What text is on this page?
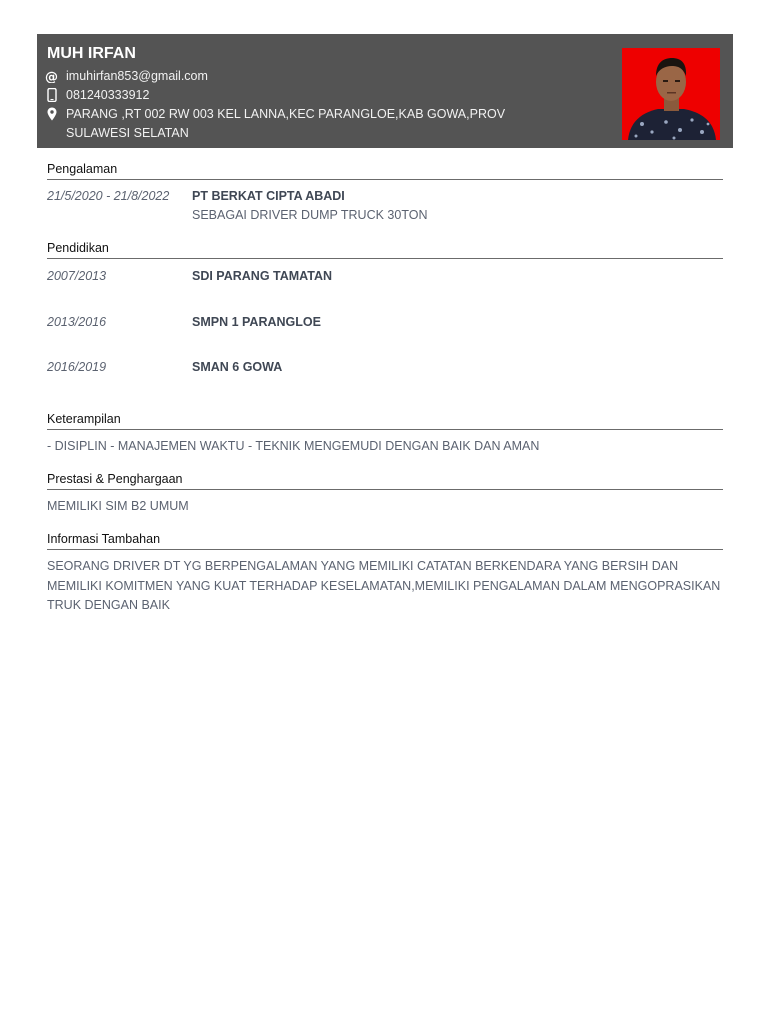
MUH IRFAN
@ imuhirfan853@gmail.com
081240333912
PARANG ,RT 002 RW 003 KEL LANNA,KEC PARANGLOE,KAB GOWA,PROV SULAWESI SELATAN
Pengalaman
21/5/2020 - 21/8/2022	PT BERKAT CIPTA ABADI
SEBAGAI DRIVER DUMP TRUCK 30TON
Pendidikan
2007/2013	SDI PARANG TAMATAN
2013/2016	SMPN 1 PARANGLOE
2016/2019	SMAN 6 GOWA
Keterampilan
- DISIPLIN - MANAJEMEN WAKTU - TEKNIK MENGEMUDI DENGAN BAIK DAN AMAN
Prestasi & Penghargaan
MEMILIKI SIM B2 UMUM
Informasi Tambahan
SEORANG DRIVER DT YG BERPENGALAMAN YANG MEMILIKI CATATAN BERKENDARA YANG BERSIH DAN MEMILIKI KOMITMEN YANG KUAT TERHADAP KESELAMATAN,MEMILIKI PENGALAMAN DALAM MENGOPRASIKAN TRUK DENGAN BAIK
